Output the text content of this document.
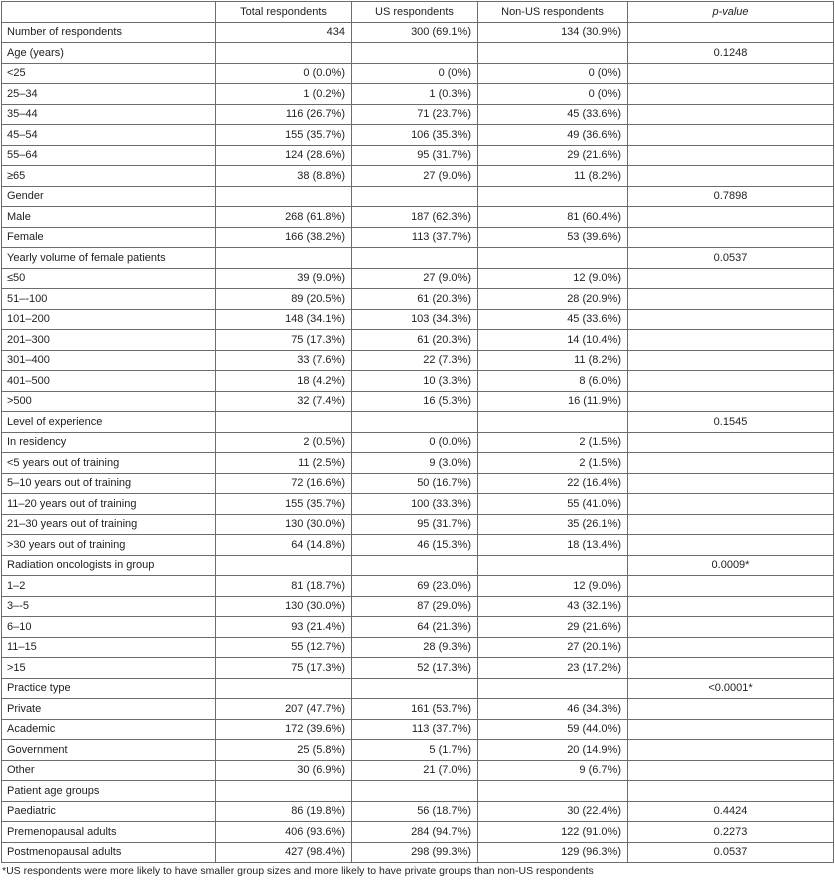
	Total respondents	US respondents	Non-US respondents	p-value
Number of respondents	434	300 (69.1%)	134 (30.9%)	
Age (years)				0.1248
<25	0 (0.0%)	0 (0%)	0 (0%)	
25–34	1 (0.2%)	1 (0.3%)	0 (0%)	
35–44	116 (26.7%)	71 (23.7%)	45 (33.6%)	
45–54	155 (35.7%)	106 (35.3%)	49 (36.6%)	
55–64	124 (28.6%)	95 (31.7%)	29 (21.6%)	
≥65	38 (8.8%)	27 (9.0%)	11 (8.2%)	
Gender				0.7898
Male	268 (61.8%)	187 (62.3%)	81 (60.4%)	
Female	166 (38.2%)	113 (37.7%)	53 (39.6%)	
Yearly volume of female patients				0.0537
≤50	39 (9.0%)	27 (9.0%)	12 (9.0%)	
51–-100	89 (20.5%)	61 (20.3%)	28 (20.9%)	
101–200	148 (34.1%)	103 (34.3%)	45 (33.6%)	
201–300	75 (17.3%)	61 (20.3%)	14 (10.4%)	
301–400	33 (7.6%)	22 (7.3%)	11 (8.2%)	
401–500	18 (4.2%)	10 (3.3%)	8 (6.0%)	
>500	32 (7.4%)	16 (5.3%)	16 (11.9%)	
Level of experience				0.1545
In residency	2 (0.5%)	0 (0.0%)	2 (1.5%)	
<5 years out of training	11 (2.5%)	9 (3.0%)	2 (1.5%)	
5–10 years out of training	72 (16.6%)	50 (16.7%)	22 (16.4%)	
11–20 years out of training	155 (35.7%)	100 (33.3%)	55 (41.0%)	
21–30 years out of training	130 (30.0%)	95 (31.7%)	35 (26.1%)	
>30 years out of training	64 (14.8%)	46 (15.3%)	18 (13.4%)	
Radiation oncologists in group				0.0009*
1–2	81 (18.7%)	69 (23.0%)	12 (9.0%)	
3–-5	130 (30.0%)	87 (29.0%)	43 (32.1%)	
6–10	93 (21.4%)	64 (21.3%)	29 (21.6%)	
11–15	55 (12.7%)	28 (9.3%)	27 (20.1%)	
>15	75 (17.3%)	52 (17.3%)	23 (17.2%)	
Practice type				<0.0001*
Private	207 (47.7%)	161 (53.7%)	46 (34.3%)	
Academic	172 (39.6%)	113 (37.7%)	59 (44.0%)	
Government	25 (5.8%)	5 (1.7%)	20 (14.9%)	
Other	30 (6.9%)	21 (7.0%)	9 (6.7%)	
Patient age groups				
Paediatric	86 (19.8%)	56 (18.7%)	30 (22.4%)	0.4424
Premenopausal adults	406 (93.6%)	284 (94.7%)	122 (91.0%)	0.2273
Postmenopausal adults	427 (98.4%)	298 (99.3%)	129 (96.3%)	0.0537
*US respondents were more likely to have smaller group sizes and more likely to have private groups than non-US respondents
